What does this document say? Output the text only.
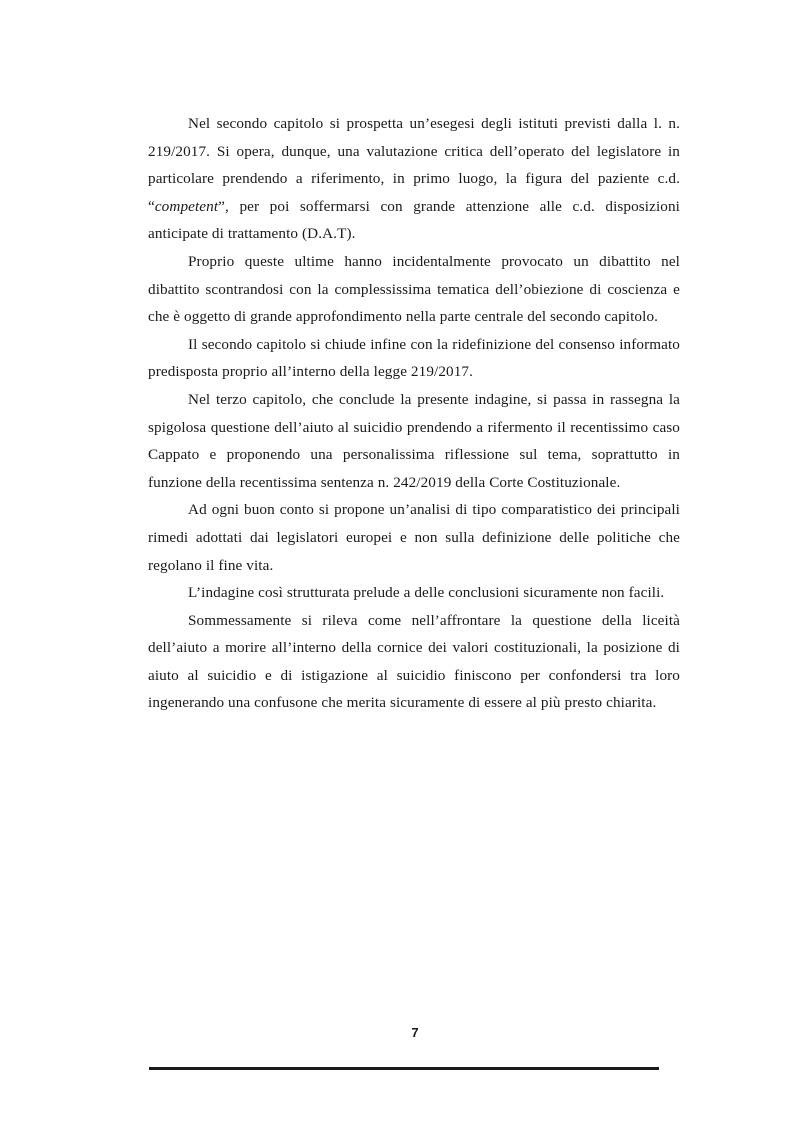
Nel secondo capitolo si prospetta un’esegesi degli istituti previsti dalla l. n. 219/2017. Si opera, dunque, una valutazione critica dell’operato del legislatore in particolare prendendo a riferimento, in primo luogo, la figura del paziente c.d. “competent”, per poi soffermarsi con grande attenzione alle c.d. disposizioni anticipate di trattamento (D.A.T).

Proprio queste ultime hanno incidentalmente provocato un dibattito nel dibattito scontrandosi con la complessissima tematica dell’obiezione di coscienza e che è oggetto di grande approfondimento nella parte centrale del secondo capitolo.

Il secondo capitolo si chiude infine con la ridefinizione del consenso informato predisposta proprio all’interno della legge 219/2017.

Nel terzo capitolo, che conclude la presente indagine, si passa in rassegna la spigolosa questione dell’aiuto al suicidio prendendo a rifermento il recentissimo caso Cappato e proponendo una personalissima riflessione sul tema, soprattutto in funzione della recentissima sentenza n. 242/2019 della Corte Costituzionale.

Ad ogni buon conto si propone un’analisi di tipo comparatistico dei principali rimedi adottati dai legislatori europei e non sulla definizione delle politiche che regolano il fine vita.

L’indagine così strutturata prelude a delle conclusioni sicuramente non facili.

Sommessamente si rileva come nell’affrontare la questione della liceità dell’aiuto a morire all’interno della cornice dei valori costituzionali, la posizione di aiuto al suicidio e di istigazione al suicidio finiscono per confondersi tra loro ingenerando una confusone che merita sicuramente di essere al più presto chiarita.

7
